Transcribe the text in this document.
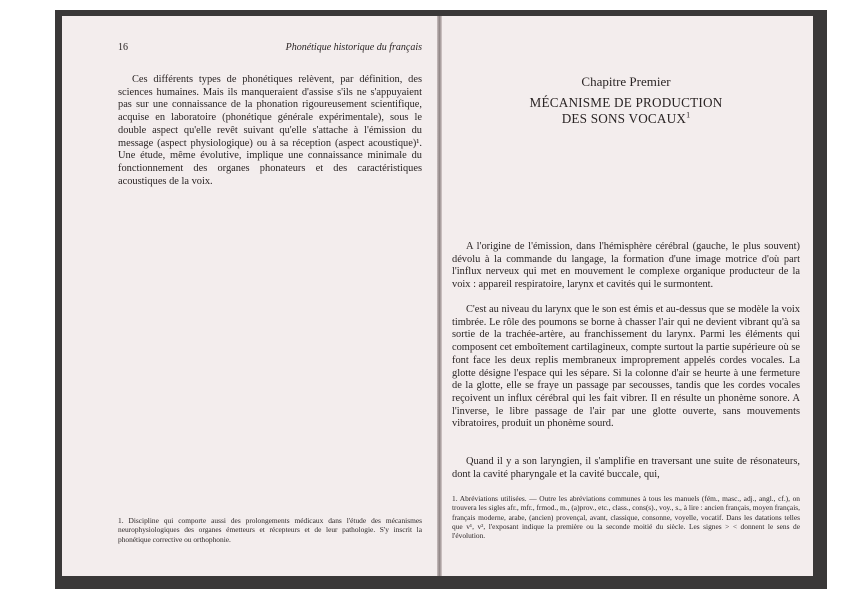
16	Phonétique historique du français

Ces différents types de phonétiques relèvent, par définition, des sciences humaines. Mais ils manqueraient d'assise s'ils ne s'appuyaient pas sur une connaissance de la phonation rigoureusement scientifique, acquise en laboratoire (phonétique générale expérimentale), sous le double aspect qu'elle revêt suivant qu'elle s'attache à l'émission du message (aspect physiologique) ou à sa réception (aspect acoustique)¹. Une étude, même évolutive, implique une connaissance minimale du fonctionnement des organes phonateurs et des caractéristiques acoustiques de la voix.

1. Discipline qui comporte aussi des prolongements médicaux dans l'étude des mécanismes neurophysiologiques des organes émetteurs et récepteurs et de leur pathologie. S'y inscrit la phonétique corrective ou orthophonie.

Chapitre Premier
MÉCANISME DE PRODUCTION
DES SONS VOCAUX$^1$

A l'origine de l'émission, dans l'hémisphère cérébral (gauche, le plus souvent) dévolu à la commande du langage, la formation d'une image motrice d'où part l'influx nerveux qui met en mouvement le complexe organique producteur de la voix : appareil respiratoire, larynx et cavités qui le surmontent.

C'est au niveau du larynx que le son est émis et au-dessus que se modèle la voix timbrée. Le rôle des poumons se borne à chasser l'air qui ne devient vibrant qu'à sa sortie de la trachée-artère, au franchissement du larynx. Parmi les éléments qui composent cet emboîtement cartilagineux, compte surtout la partie supérieure où se font face les deux replis membraneux improprement appelés cordes vocales. La glotte désigne l'espace qui les sépare. Si la colonne d'air se heurte à une fermeture de la glotte, elle se fraye un passage par secousses, tandis que les cordes vocales reçoivent un influx cérébral qui les fait vibrer. Il en résulte un phonème sonore. A l'inverse, le libre passage de l'air par une glotte ouverte, sans mouvements vibratoires, produit un phonème sourd.

Quand il y a son laryngien, il s'amplifie en traversant une suite de résonateurs, dont la cavité pharyngale et la cavité buccale, qui,

1. Abréviations utilisées. — Outre les abréviations communes à tous les manuels (fém., masc., adj., angl., cf.), on trouvera les sigles afr., mfr., frmod., m., (a)prov., etc., class., cons(s)., voy., s., à lire : ancien français, moyen français, français moderne, arabe, (ancien) provençal, avant, classique, consonne, voyelle, vocatif. Dans les datations telles que v¹, v², l'exposant indique la première ou la seconde moitié du siècle. Les signes > < donnent le sens de l'évolution.
